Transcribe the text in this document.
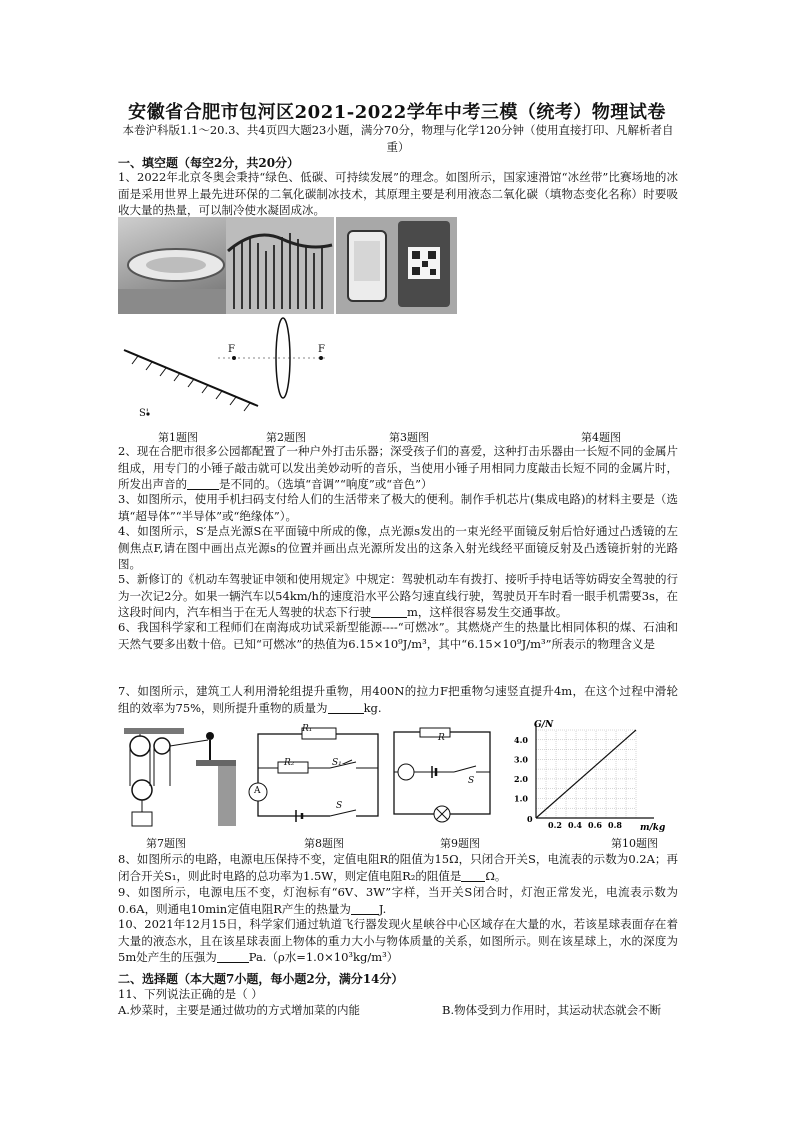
安徽省合肥市包河区2021-2022学年中考三模（统考）物理试卷
本卷沪科版1.1～20.3、共4页四大题23小题，满分70分，物理与化学120分钟（使用直接打印、凡解析者自重）
一、填空题（每空2分，共20分）
1、2022年北京冬奥会秉持“绿色、低碳、可持续发展”的理念。如图所示，国家速滑馆“冰丝带”比赛场地的冰面是采用世界上最先进环保的二氧化碳制冰技术，其原理主要是利用液态二氧化碳（填物态变化名称）时要吸收大量的热量，可以制冷使水凝固成冰。
F	F
S'
第1题图	第2题图	第3题图	第4题图
2、现在合肥市很多公园都配置了一种户外打击乐器；深受孩子们的喜爱，这种打击乐器由一长短不同的金属片组成，用专门的小锤子敲击就可以发出美妙动听的音乐，当使用小锤子用相同力度敲击长短不同的金属片时，所发出声音的	是不同的。（选填“音调”“响度”或“音色”）
3、如图所示，使用手机扫码支付给人们的生活带来了极大的便利。制作手机芯片(集成电路)的材料主要是（选填“超导体”“半导体”或“绝缘体”）。
4、如图所示，S′是点光源S在平面镜中所成的像，点光源s发出的一束光经平面镜反射后恰好通过凸透镜的左侧焦点F,请在图中画出点光源s的位置并画出点光源所发出的这条入射光线经平面镜反射及凸透镜折射的光路图。
5、新修订的《机动车驾驶证申领和使用规定》中规定：驾驶机动车有拨打、接听手持电话等妨碍安全驾驶的行为一次记2分。如果一辆汽车以54km/h的速度沿水平公路匀速直线行驶，驾驶员开车时看一眼手机需要3s，在这段时间内，汽车相当于在无人驾驶的状态下行驶	m，这样很容易发生交通事故。
6、我国科学家和工程师们在南海成功试采新型能源----“可燃冰”。其燃烧产生的热量比相同体积的煤、石油和天然气要多出数十倍。已知“可燃冰”的热值为6.15×10⁹J/m³，其中“6.15×10⁹J/m³”所表示的物理含义是
7、如图所示，建筑工人利用滑轮组提升重物，用400N的拉力F把重物匀速竖直提升4m，在这个过程中滑轮组的效率为75%，则所提升重物的质量为	kg.
R₁
R₂	S₁
A
S
R
S
G/N
m/kg
4.0
3.0
2.0
1.0
0.2 0.4 0.6 0.8
0
第7题图	第8题图	第9题图	第10题图
8、如图所示的电路，电源电压保持不变，定值电阻R的阻值为15Ω，只闭合开关S，电流表的示数为0.2A；再闭合开关S₁，则此时电路的总功率为1.5W，则定值电阻R₂的阻值是 Ω。
9、如图所示，电源电压不变，灯泡标有“6V、3W”字样，当开关S闭合时，灯泡正常发光，电流表示数为0.6A，则通电10min定值电阻R产生的热量为 J.
10、2021年12月15日，科学家们通过轨道飞行器发现火星峡谷中心区域存在大量的水，若该星球表面存在着大量的液态水，且在该星球表面上物体的重力大小与物体质量的关系，如图所示。则在该星球上，水的深度为5m处产生的压强为	Pa.（ρ水=1.0×10³kg/m³）
二、选择题（本大题7小题，每小题2分，满分14分）
11、下列说法正确的是（ ）
A.炒菜时，主要是通过做功的方式增加菜的内能	B.物体受到力作用时，其运动状态就会不断
